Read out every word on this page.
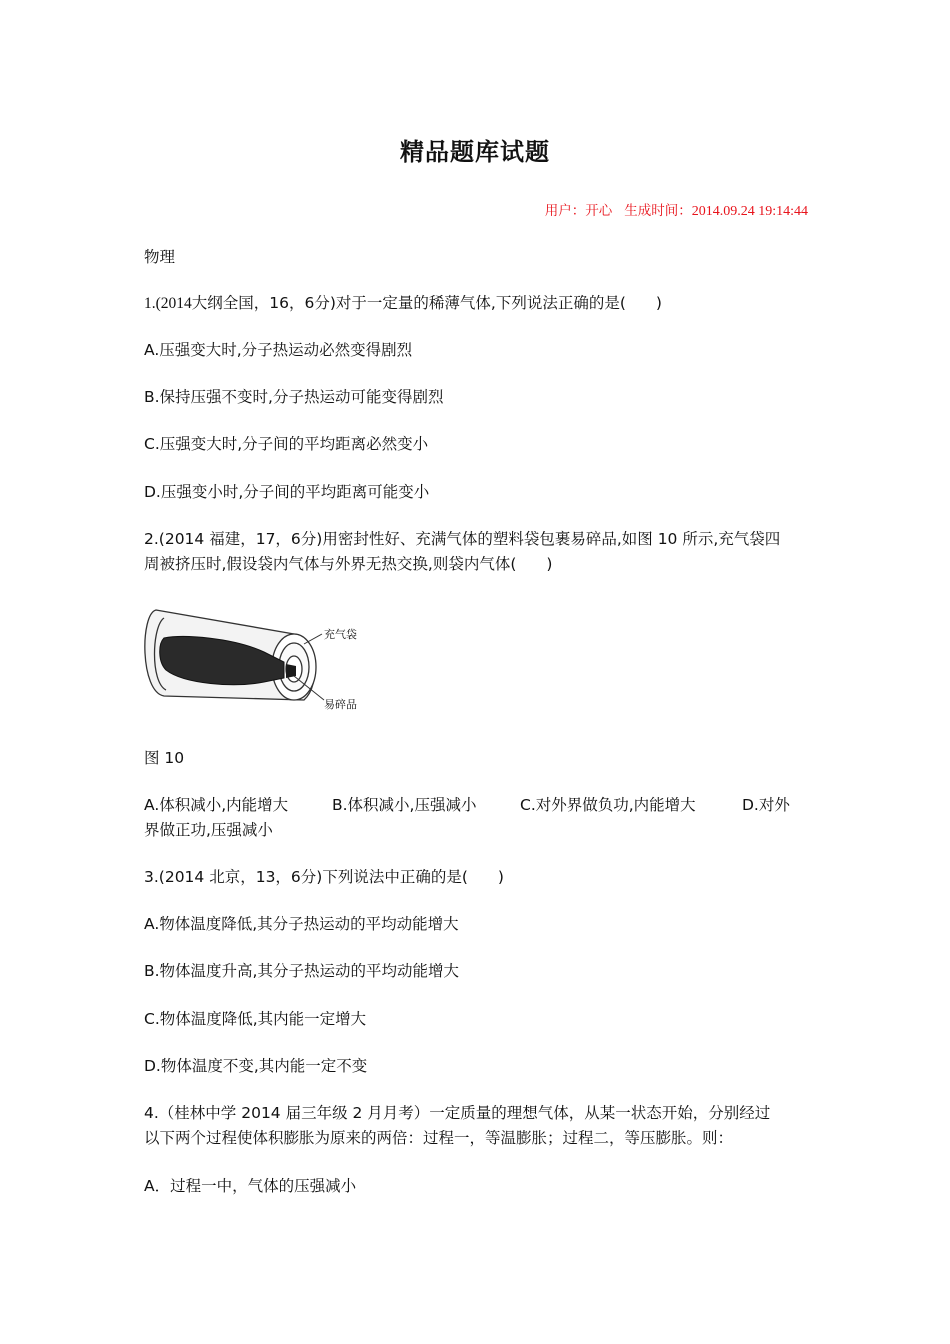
精品题库试题
用户：开心 生成时间：2014.09.24 19:14:44
物理
1.(2014大纲全国，16，6分)对于一定量的稀薄气体,下列说法正确的是( )
A.压强变大时,分子热运动必然变得剧烈
B.保持压强不变时,分子热运动可能变得剧烈
C.压强变大时,分子间的平均距离必然变小
D.压强变小时,分子间的平均距离可能变小
2.(2014 福建，17，6分)用密封性好、充满气体的塑料袋包裹易碎品,如图 10 所示,充气袋四
周被挤压时,假设袋内气体与外界无热交换,则袋内气体( )
充气袋
易碎品
图 10
A.体积减小,内能增大	B.体积减小,压强减小	C.对外界做负功,内能增大	D.对外
界做正功,压强减小
3.(2014 北京，13，6分)下列说法中正确的是( )
A.物体温度降低,其分子热运动的平均动能增大
B.物体温度升高,其分子热运动的平均动能增大
C.物体温度降低,其内能一定增大
D.物体温度不变,其内能一定不变
4.（桂林中学 2014 届三年级 2 月月考）一定质量的理想气体，从某一状态开始，分别经过
以下两个过程使体积膨胀为原来的两倍：过程一，等温膨胀；过程二，等压膨胀。则：
A．过程一中，气体的压强减小
